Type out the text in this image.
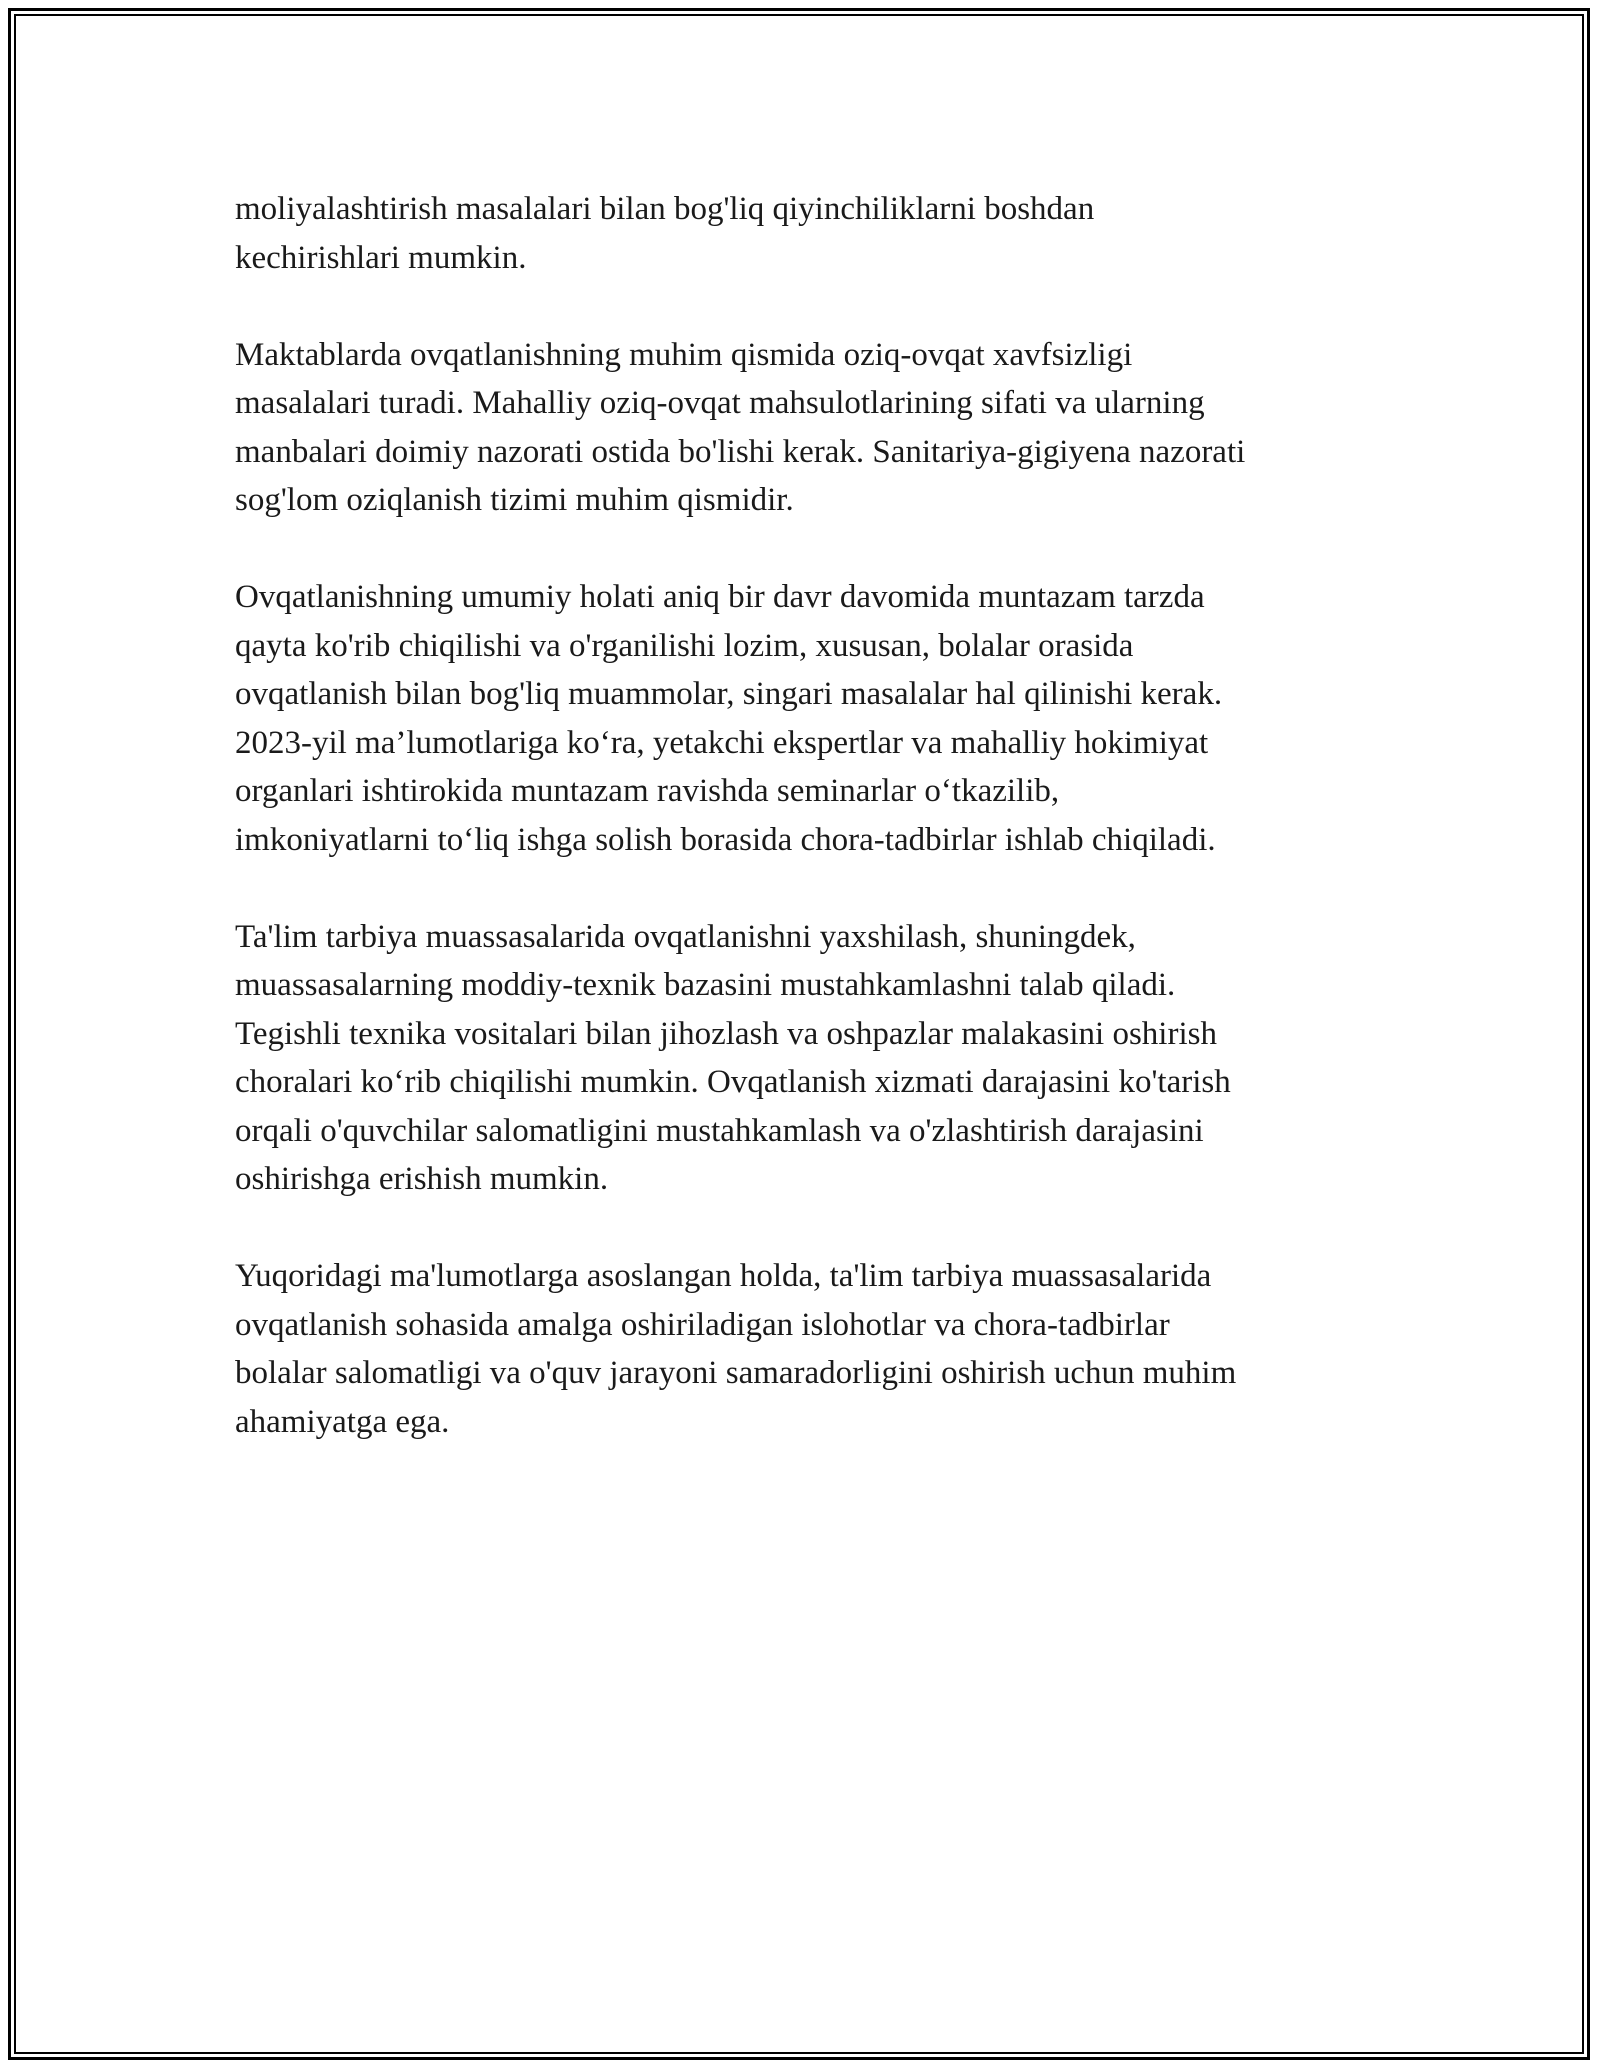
moliyalashtirish masalalari bilan bog'liq qiyinchiliklarni boshdan
kechirishlari mumkin.

Maktablarda ovqatlanishning muhim qismida oziq-ovqat xavfsizligi
masalalari turadi. Mahalliy oziq-ovqat mahsulotlarining sifati va ularning
manbalari doimiy nazorati ostida bo'lishi kerak. Sanitariya-gigiyena nazorati
sog'lom oziqlanish tizimi muhim qismidir.

Ovqatlanishning umumiy holati aniq bir davr davomida muntazam tarzda
qayta ko'rib chiqilishi va o'rganilishi lozim, xususan, bolalar orasida
ovqatlanish bilan bog'liq muammolar, singari masalalar hal qilinishi kerak.
2023-yil ma’lumotlariga ko‘ra, yetakchi ekspertlar va mahalliy hokimiyat
organlari ishtirokida muntazam ravishda seminarlar o‘tkazilib,
imkoniyatlarni to‘liq ishga solish borasida chora-tadbirlar ishlab chiqiladi.

Ta'lim tarbiya muassasalarida ovqatlanishni yaxshilash, shuningdek,
muassasalarning moddiy-texnik bazasini mustahkamlashni talab qiladi.
Tegishli texnika vositalari bilan jihozlash va oshpazlar malakasini oshirish
choralari ko‘rib chiqilishi mumkin. Ovqatlanish xizmati darajasini ko'tarish
orqali o'quvchilar salomatligini mustahkamlash va o'zlashtirish darajasini
oshirishga erishish mumkin.

Yuqoridagi ma'lumotlarga asoslangan holda, ta'lim tarbiya muassasalarida
ovqatlanish sohasida amalga oshiriladigan islohotlar va chora-tadbirlar
bolalar salomatligi va o'quv jarayoni samaradorligini oshirish uchun muhim
ahamiyatga ega.
